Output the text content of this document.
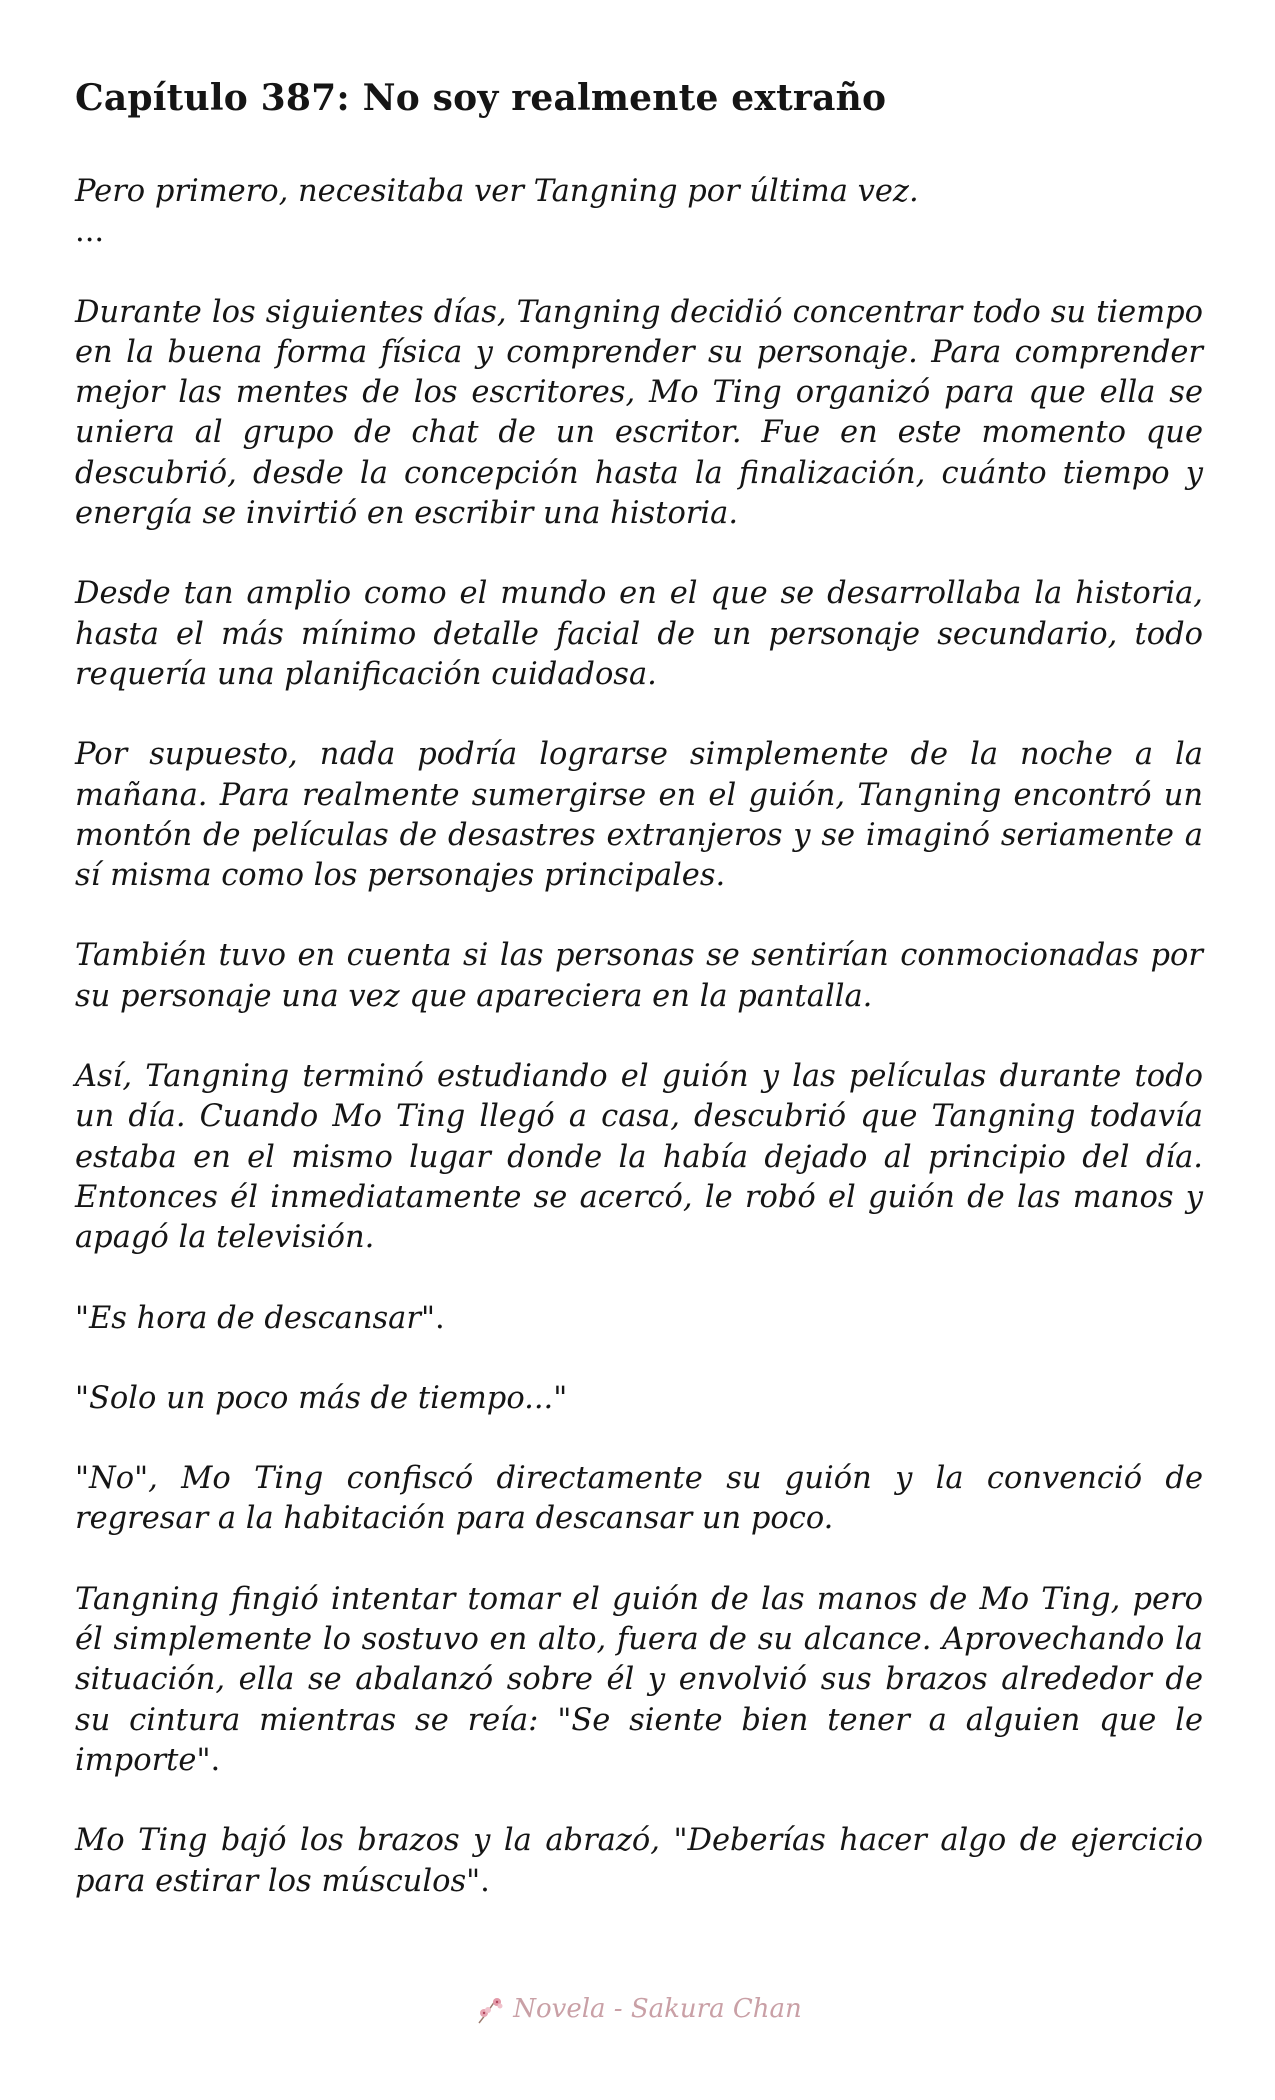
Capítulo 387: No soy realmente extraño

Pero primero, necesitaba ver Tangning por última vez.

...

Durante los siguientes días, Tangning decidió concentrar todo su tiempo en la buena forma física y comprender su personaje. Para comprender mejor las mentes de los escritores, Mo Ting organizó para que ella se uniera al grupo de chat de un escritor. Fue en este momento que descubrió, desde la concepción hasta la finalización, cuánto tiempo y energía se invirtió en escribir una historia.

Desde tan amplio como el mundo en el que se desarrollaba la historia, hasta el más mínimo detalle facial de un personaje secundario, todo requería una planificación cuidadosa.

Por supuesto, nada podría lograrse simplemente de la noche a la mañana. Para realmente sumergirse en el guión, Tangning encontró un montón de películas de desastres extranjeros y se imaginó seriamente a sí misma como los personajes principales.

También tuvo en cuenta si las personas se sentirían conmocionadas por su personaje una vez que apareciera en la pantalla.

Así, Tangning terminó estudiando el guión y las películas durante todo un día. Cuando Mo Ting llegó a casa, descubrió que Tangning todavía estaba en el mismo lugar donde la había dejado al principio del día. Entonces él inmediatamente se acercó, le robó el guión de las manos y apagó la televisión.

"Es hora de descansar".

"Solo un poco más de tiempo..."

"No", Mo Ting confiscó directamente su guión y la convenció de regresar a la habitación para descansar un poco.

Tangning fingió intentar tomar el guión de las manos de Mo Ting, pero él simplemente lo sostuvo en alto, fuera de su alcance. Aprovechando la situación, ella se abalanzó sobre él y envolvió sus brazos alrededor de su cintura mientras se reía: "Se siente bien tener a alguien que le importe".

Mo Ting bajó los brazos y la abrazó, "Deberías hacer algo de ejercicio para estirar los músculos".

Novela - Sakura Chan
